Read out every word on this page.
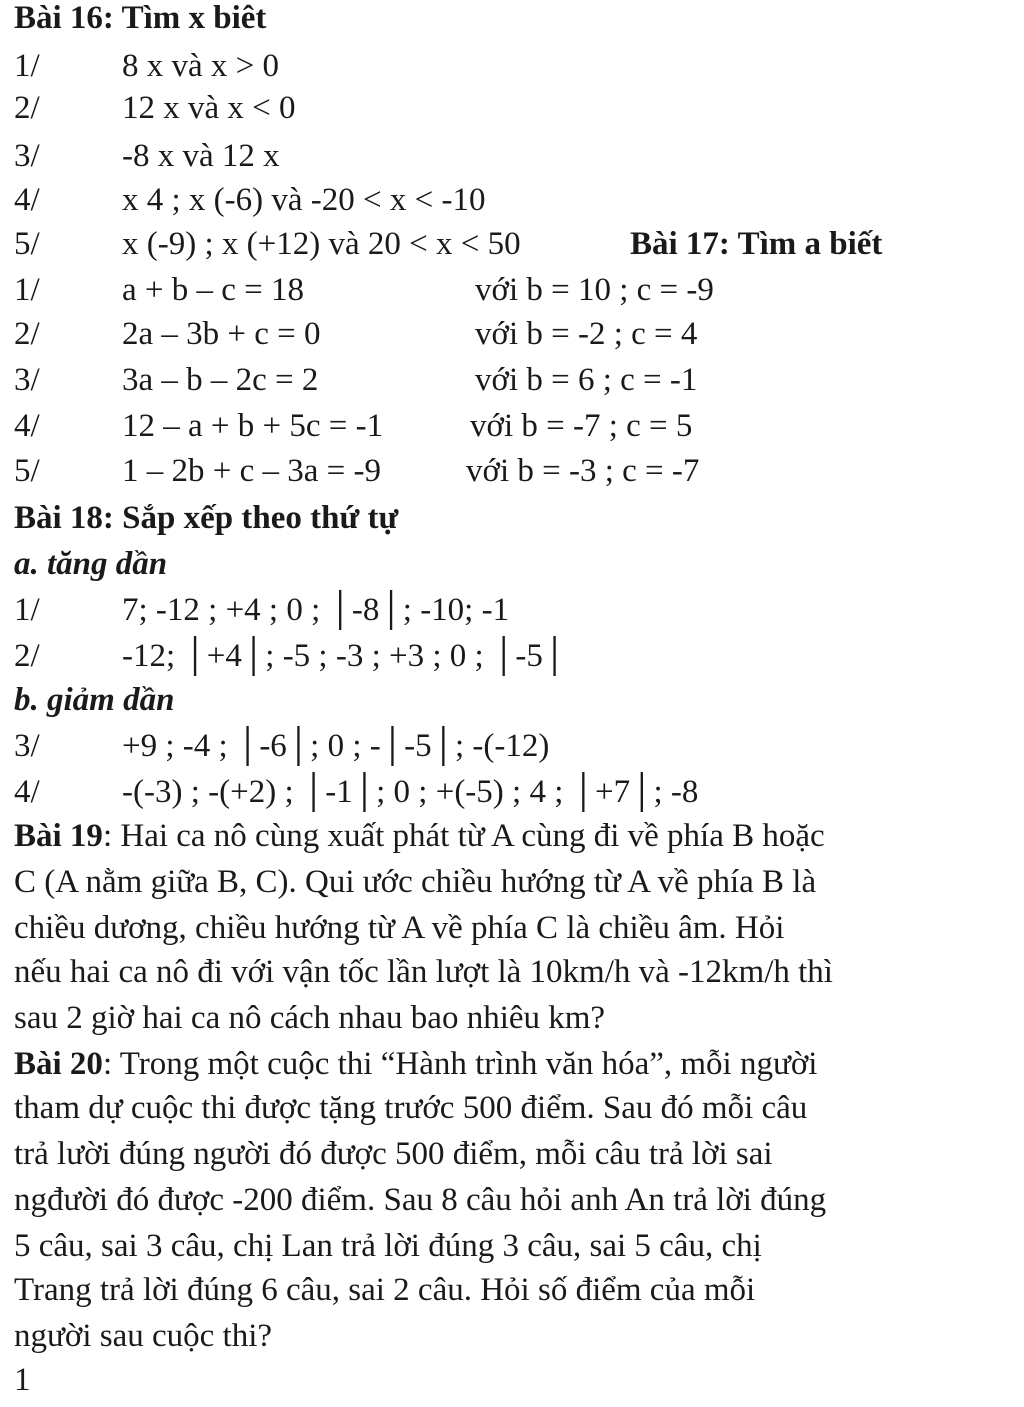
Bài 16: Tìm x biêt
1/ 8 x và x > 0
2/ 12 x và x < 0
3/ -8 x và 12 x
4/ x 4 ; x (-6) và -20 < x < -10
5/ x (-9) ; x (+12) và 20 < x < 50	Bài 17: Tìm a biết
1/ a + b – c = 18	với b = 10 ; c = -9
2/ 2a – 3b + c = 0	với b = -2 ; c = 4
3/ 3a – b – 2c = 2	với b = 6 ; c = -1
4/ 12 – a + b + 5c = -1	với b = -7 ; c = 5
5/ 1 – 2b + c – 3a = -9	với b = -3 ; c = -7
Bài 18: Sắp xếp theo thứ tự
a. tăng dần
1/ 7; -12 ; +4 ; 0 ; │-8│; -10; -1
2/ -12; │+4│; -5 ; -3 ; +3 ; 0 ; │-5│
b. giảm dần
3/ +9 ; -4 ; │-6│; 0 ; -│-5│; -(-12)
4/ -(-3) ; -(+2) ; │-1│; 0 ; +(-5) ; 4 ; │+7│; -8
Bài 19: Hai ca nô cùng xuất phát từ A cùng đi về phía B hoặc
C (A nằm giữa B, C). Qui ước chiều hướng từ A về phía B là
chiều dương, chiều hướng từ A về phía C là chiều âm. Hỏi
nếu hai ca nô đi với vận tốc lần lượt là 10km/h và -12km/h thì
sau 2 giờ hai ca nô cách nhau bao nhiêu km?
Bài 20: Trong một cuộc thi “Hành trình văn hóa”, mỗi người
tham dự cuộc thi được tặng trước 500 điểm. Sau đó mỗi câu
trả lười đúng người đó được 500 điểm, mỗi câu trả lời sai
ngđười đó được -200 điểm. Sau 8 câu hỏi anh An trả lời đúng
5 câu, sai 3 câu, chị Lan trả lời đúng 3 câu, sai 5 câu, chị
Trang trả lời đúng 6 câu, sai 2 câu. Hỏi số điểm của mỗi
người sau cuộc thi?
1
